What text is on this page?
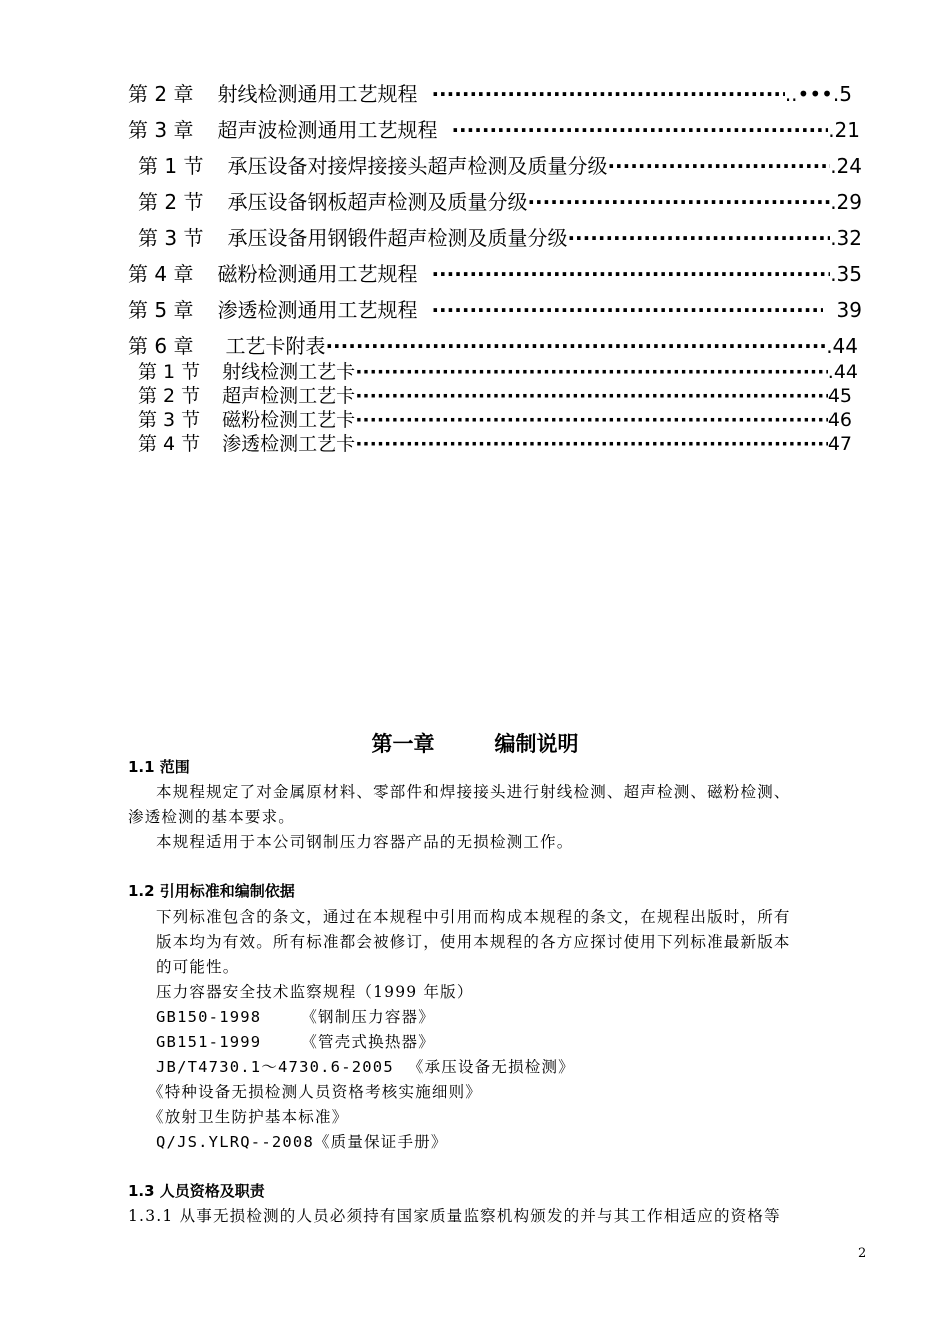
第 2 章 射线检测通用工艺规程 ·····	..•••.5
第 3 章 超声波检测通用工艺规程 ·····	.21
第 1 节 承压设备对接焊接接头超声检测及质量分级 ·····	.24
第 2 节 承压设备钢板超声检测及质量分级 ·····	.29
第 3 节 承压设备用钢锻件超声检测及质量分级 ·····	.32
第 4 章 磁粉检测通用工艺规程 ·····	.35
第 5 章 渗透检测通用工艺规程 ·····	39
第 6 章 工艺卡附表 ·····	.44
第 1 节 射线检测工艺卡 ·····	.44
第 2 节 超声检测工艺卡 ·····	45
第 3 节 磁粉检测工艺卡 ·····	46
第 4 节 渗透检测工艺卡 ·····	47
第一章	编制说明
1.1 范围
本规程规定了对金属原材料、零部件和焊接接头进行射线检测、超声检测、磁粉检测、
渗透检测的基本要求。
本规程适用于本公司钢制压力容器产品的无损检测工作。
1.2 引用标准和编制依据
下列标准包含的条文，通过在本规程中引用而构成本规程的条文，在规程出版时，所有
版本均为有效。所有标准都会被修订，使用本规程的各方应探讨使用下列标准最新版本
的可能性。
压力容器安全技术监察规程（1999 年版）
GB150-1998	《钢制压力容器》
GB151-1999	《管壳式换热器》
JB/T4730.1～4730.6-2005 《承压设备无损检测》
《特种设备无损检测人员资格考核实施细则》
《放射卫生防护基本标准》
Q/JS.YLRQ--2008《质量保证手册》
1.3 人员资格及职责
1.3.1 从事无损检测的人员必须持有国家质量监察机构颁发的并与其工作相适应的资格等
2
